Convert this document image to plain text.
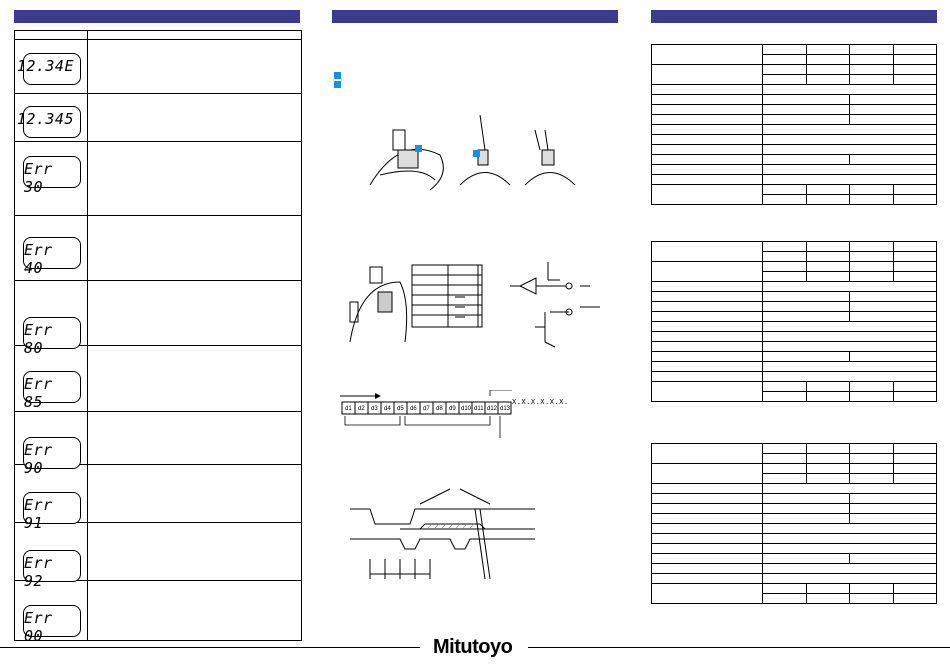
12.34E
12.345
Err 30
Err 40
Err 80
Err 85
Err 90
Err 91
Err 92
Err 00
d1 d2 d3 d4 d5 d6 d7 d8 d9 d10 d11 d12 d13
X.X.X.X.X.X.

Mitutoyo
